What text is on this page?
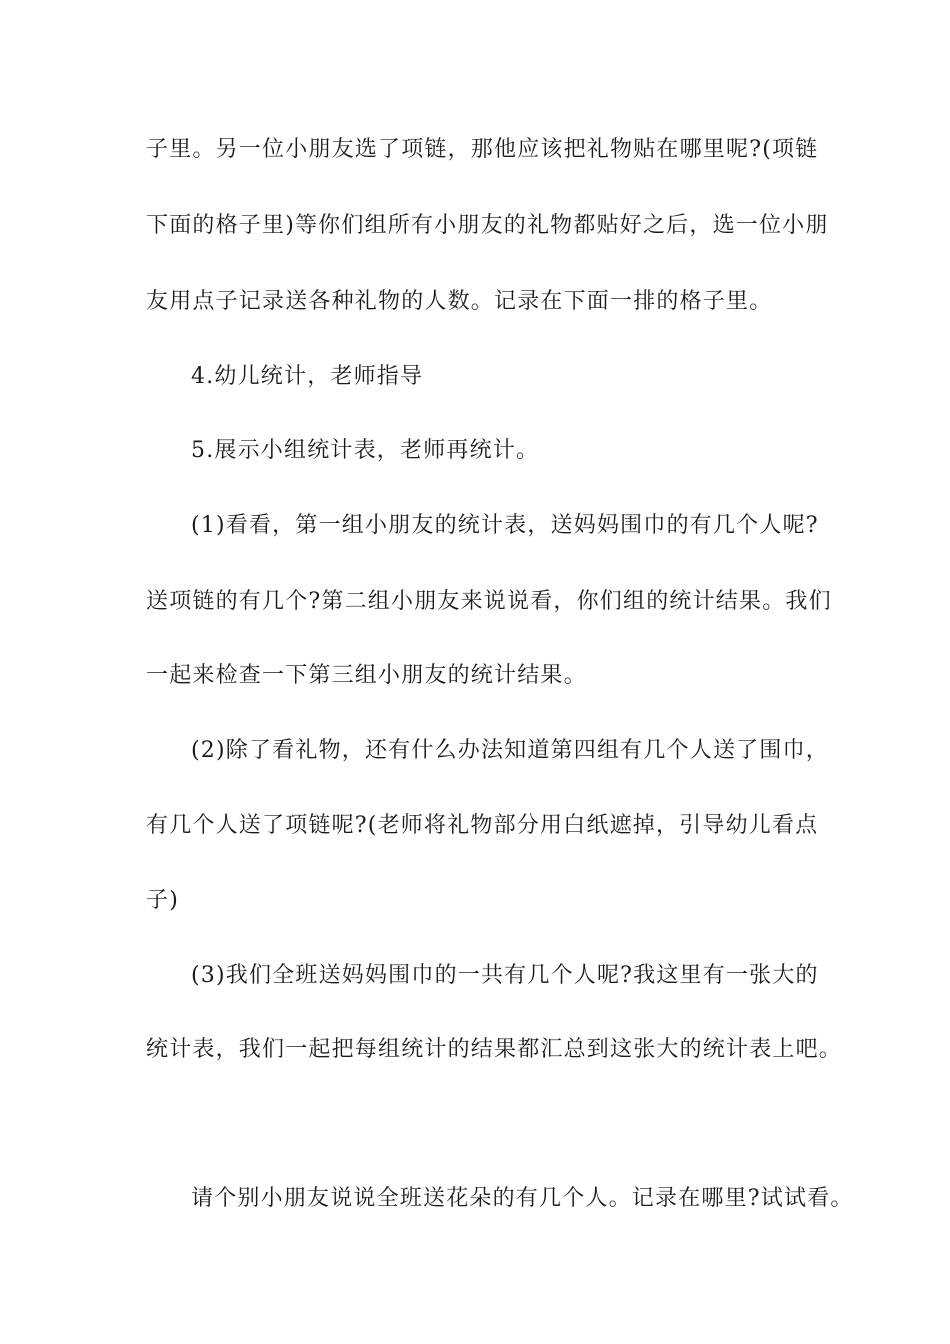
子里。另一位小朋友选了项链，那他应该把礼物贴在哪里呢?(项链
下面的格子里)等你们组所有小朋友的礼物都贴好之后，选一位小朋
友用点子记录送各种礼物的人数。记录在下面一排的格子里。
4.幼儿统计，老师指导
5.展示小组统计表，老师再统计。
(1)看看，第一组小朋友的统计表，送妈妈围巾的有几个人呢?
送项链的有几个?第二组小朋友来说说看，你们组的统计结果。我们
一起来检查一下第三组小朋友的统计结果。
(2)除了看礼物，还有什么办法知道第四组有几个人送了围巾，
有几个人送了项链呢?(老师将礼物部分用白纸遮掉，引导幼儿看点
子)
(3)我们全班送妈妈围巾的一共有几个人呢?我这里有一张大的
统计表，我们一起把每组统计的结果都汇总到这张大的统计表上吧。
请个别小朋友说说全班送花朵的有几个人。记录在哪里?试试看。
